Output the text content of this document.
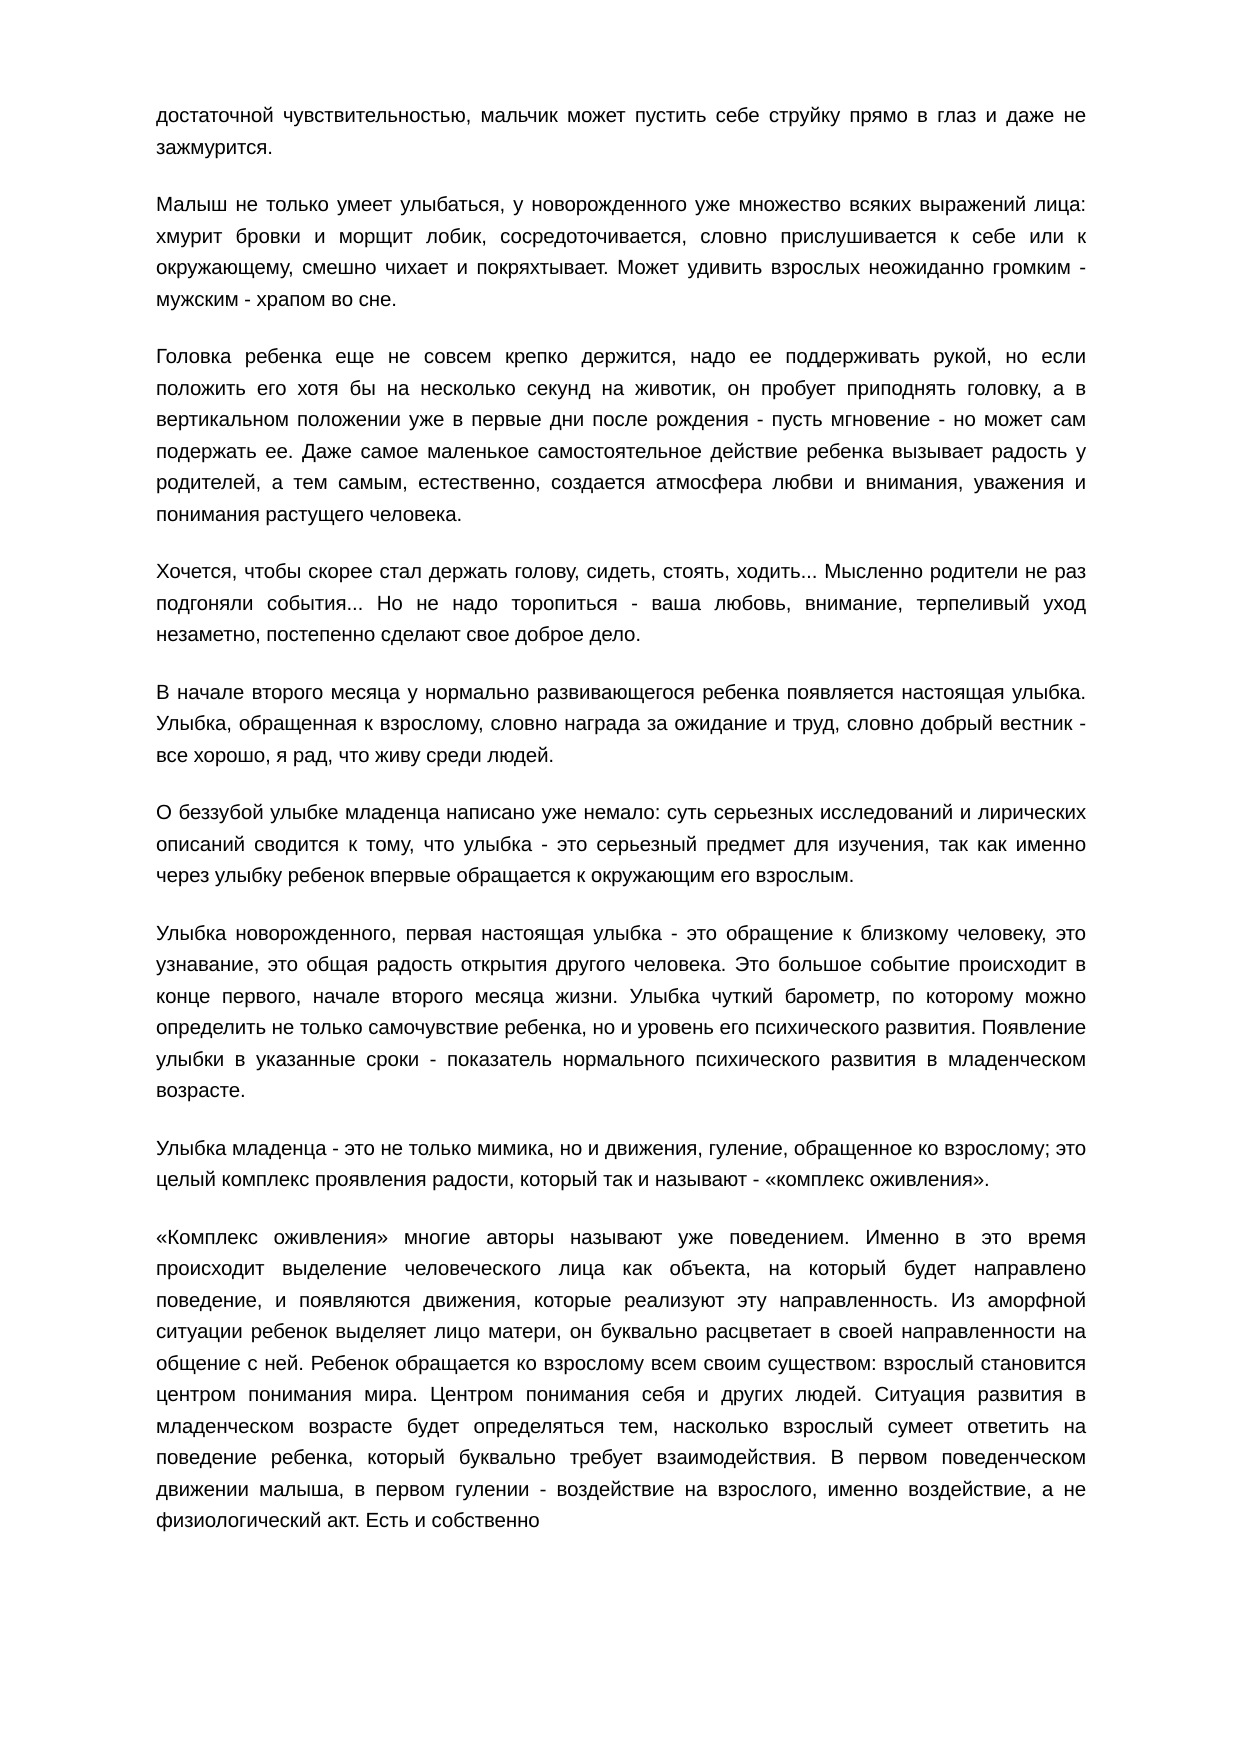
достаточной чувствительностью, мальчик может пустить себе струйку прямо в глаз и даже не зажмурится.

Малыш не только умеет улыбаться, у новорожденного уже множество всяких выражений лица: хмурит бровки и морщит лобик, сосредоточивается, словно прислушивается к себе или к окружающему, смешно чихает и покряхтывает. Может удивить взрослых неожиданно громким - мужским - храпом во сне.

Головка ребенка еще не совсем крепко держится, надо ее поддерживать рукой, но если положить его хотя бы на несколько секунд на животик, он пробует приподнять головку, а в вертикальном положении уже в первые дни после рождения - пусть мгновение - но может сам подержать ее. Даже самое маленькое самостоятельное действие ребенка вызывает радость у родителей, а тем самым, естественно, создается атмосфера любви и внимания, уважения и понимания растущего человека.

Хочется, чтобы скорее стал держать голову, сидеть, стоять, ходить... Мысленно родители не раз подгоняли события... Но не надо торопиться - ваша любовь, внимание, терпеливый уход незаметно, постепенно сделают свое доброе дело.

В начале второго месяца у нормально развивающегося ребенка появляется настоящая улыбка. Улыбка, обращенная к взрослому, словно награда за ожидание и труд, словно добрый вестник - все хорошо, я рад, что живу среди людей.

О беззубой улыбке младенца написано уже немало: суть серьезных исследований и лирических описаний сводится к тому, что улыбка - это серьезный предмет для изучения, так как именно через улыбку ребенок впервые обращается к окружающим его взрослым.

Улыбка новорожденного, первая настоящая улыбка - это обращение к близкому человеку, это узнавание, это общая радость открытия другого человека. Это большое событие происходит в конце первого, начале второго месяца жизни. Улыбка чуткий барометр, по которому можно определить не только самочувствие ребенка, но и уровень его психического развития. Появление улыбки в указанные сроки - показатель нормального психического развития в младенческом возрасте.

Улыбка младенца - это не только мимика, но и движения, гуление, обращенное ко взрослому; это целый комплекс проявления радости, который так и называют - «комплекс оживления».

«Комплекс оживления» многие авторы называют уже поведением. Именно в это время происходит выделение человеческого лица как объекта, на который будет направлено поведение, и появляются движения, которые реализуют эту направленность. Из аморфной ситуации ребенок выделяет лицо матери, он буквально расцветает в своей направленности на общение с ней. Ребенок обращается ко взрослому всем своим существом: взрослый становится центром понимания мира. Центром понимания себя и других людей. Ситуация развития в младенческом возрасте будет определяться тем, насколько взрослый сумеет ответить на поведение ребенка, который буквально требует взаимодействия. В первом поведенческом движении малыша, в первом гулении - воздействие на взрослого, именно воздействие, а не физиологический акт. Есть и собственно
